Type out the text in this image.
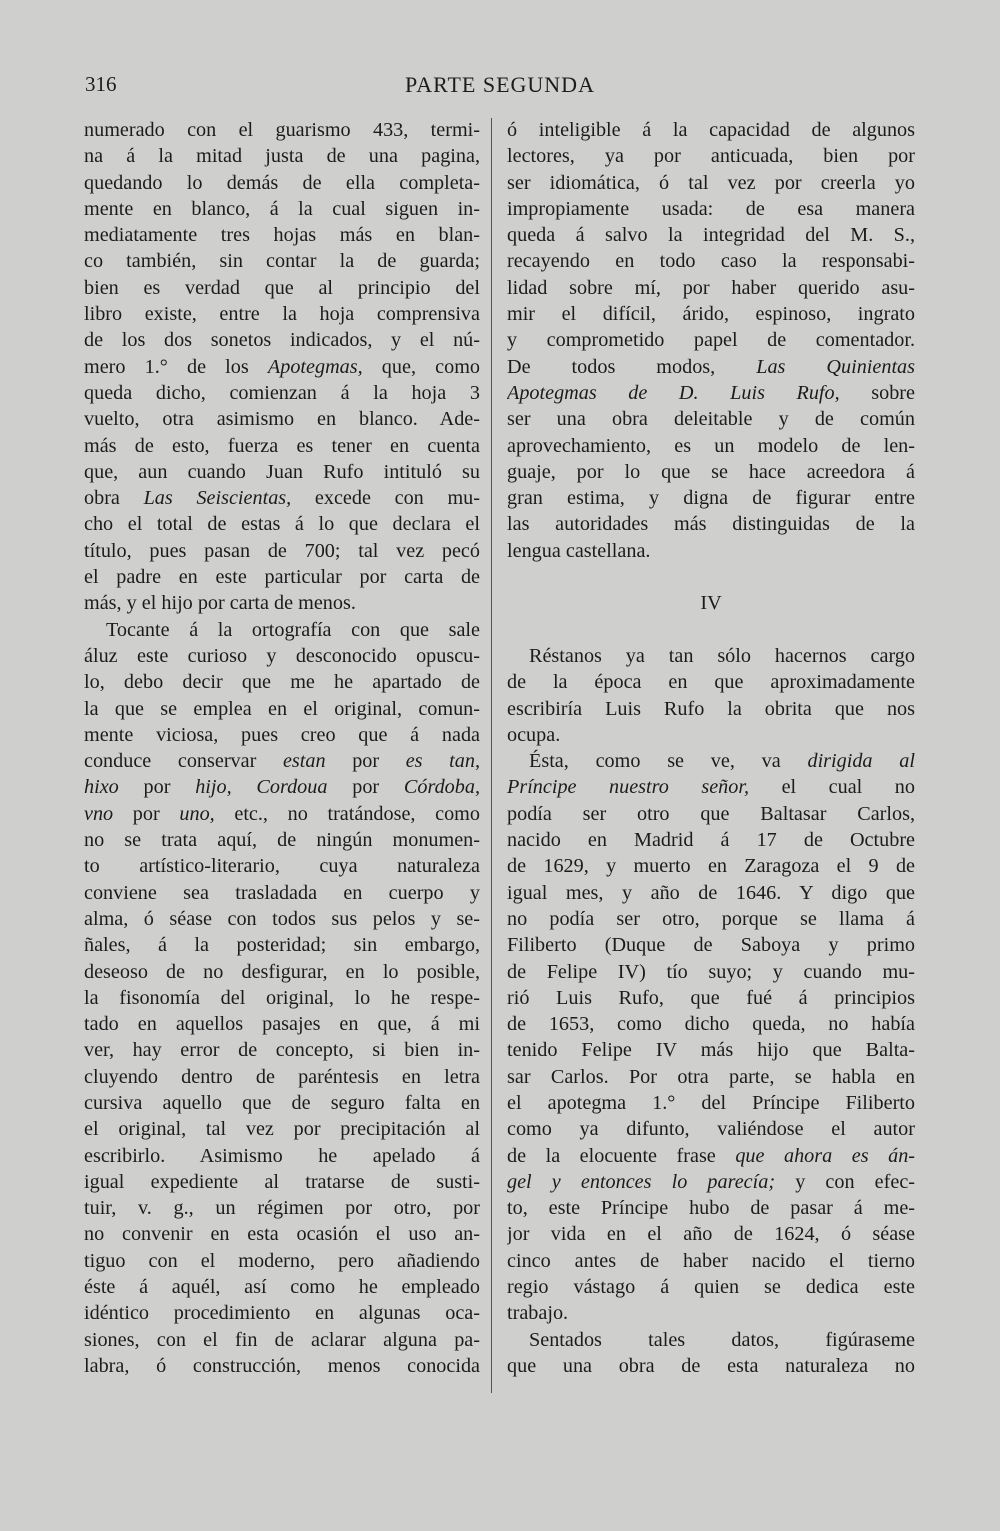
316	PARTE SEGUNDA
numerado con el guarismo 433, termi-
na á la mitad justa de una pagina,
quedando lo demás de ella completa-
mente en blanco, á la cual siguen in-
mediatamente tres hojas más en blan-
co también, sin contar la de guarda;
bien es verdad que al principio del
libro existe, entre la hoja comprensiva
de los dos sonetos indicados, y el nú-
mero 1.° de los Apotegmas, que, como
queda dicho, comienzan á la hoja 3
vuelto, otra asimismo en blanco. Ade-
más de esto, fuerza es tener en cuenta
que, aun cuando Juan Rufo intituló su
obra Las Seiscientas, excede con mu-
cho el total de estas á lo que declara el
título, pues pasan de 700; tal vez pecó
el padre en este particular por carta de
más, y el hijo por carta de menos.
Tocante á la ortografía con que sale
áluz este curioso y desconocido opuscu-
lo, debo decir que me he apartado de
la que se emplea en el original, comun-
mente viciosa, pues creo que á nada
conduce conservar estan por es tan,
hixo por hijo, Cordoua por Córdoba,
vno por uno, etc., no tratándose, como
no se trata aquí, de ningún monumen-
to artístico-literario, cuya naturaleza
conviene sea trasladada en cuerpo y
alma, ó séase con todos sus pelos y se-
ñales, á la posteridad; sin embargo,
deseoso de no desfigurar, en lo posible,
la fisonomía del original, lo he respe-
tado en aquellos pasajes en que, á mi
ver, hay error de concepto, si bien in-
cluyendo dentro de paréntesis en letra
cursiva aquello que de seguro falta en
el original, tal vez por precipitación al
escribirlo. Asimismo he apelado á
igual expediente al tratarse de susti-
tuir, v. g., un régimen por otro, por
no convenir en esta ocasión el uso an-
tiguo con el moderno, pero añadiendo
éste á aquél, así como he empleado
idéntico procedimiento en algunas oca-
siones, con el fin de aclarar alguna pa-
labra, ó construcción, menos conocida
ó inteligible á la capacidad de algunos
lectores, ya por anticuada, bien por
ser idiomática, ó tal vez por creerla yo
impropiamente usada: de esa manera
queda á salvo la integridad del M. S.,
recayendo en todo caso la responsabi-
lidad sobre mí, por haber querido asu-
mir el difícil, árido, espinoso, ingrato
y comprometido papel de comentador.
De todos modos, Las Quinientas
Apotegmas de D. Luis Rufo, sobre
ser una obra deleitable y de común
aprovechamiento, es un modelo de len-
guaje, por lo que se hace acreedora á
gran estima, y digna de figurar entre
las autoridades más distinguidas de la
lengua castellana.
IV
Réstanos ya tan sólo hacernos cargo
de la época en que aproximadamente
escribiría Luis Rufo la obrita que nos
ocupa.
Ésta, como se ve, va dirigida al
Príncipe nuestro señor, el cual no
podía ser otro que Baltasar Carlos,
nacido en Madrid á 17 de Octubre
de 1629, y muerto en Zaragoza el 9 de
igual mes, y año de 1646. Y digo que
no podía ser otro, porque se llama á
Filiberto (Duque de Saboya y primo
de Felipe IV) tío suyo; y cuando mu-
rió Luis Rufo, que fué á principios
de 1653, como dicho queda, no había
tenido Felipe IV más hijo que Balta-
sar Carlos. Por otra parte, se habla en
el apotegma 1.° del Príncipe Filiberto
como ya difunto, valiéndose el autor
de la elocuente frase que ahora es án-
gel y entonces lo parecía; y con efec-
to, este Príncipe hubo de pasar á me-
jor vida en el año de 1624, ó séase
cinco antes de haber nacido el tierno
regio vástago á quien se dedica este
trabajo.
Sentados tales datos, figúraseme
que una obra de esta naturaleza no
